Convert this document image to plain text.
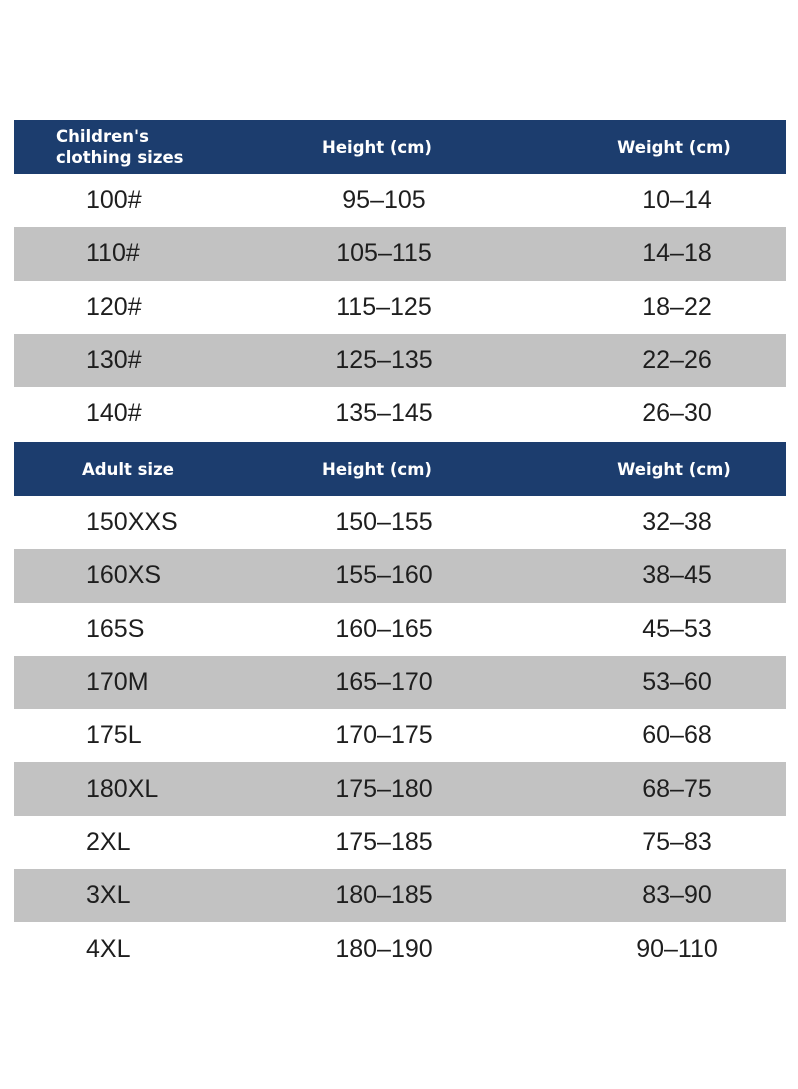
Children's
clothing sizes
Height (cm)	Weight (cm)
100#	95–105	10–14
110#	105–115	14–18
120#	115–125	18–22
130#	125–135	22–26
140#	135–145	26–30
Adult size	Height (cm)	Weight (cm)
150XXS	150–155	32–38
160XS	155–160	38–45
165S	160–165	45–53
170M	165–170	53–60
175L	170–175	60–68
180XL	175–180	68–75
2XL	175–185	75–83
3XL	180–185	83–90
4XL	180–190	90–110
